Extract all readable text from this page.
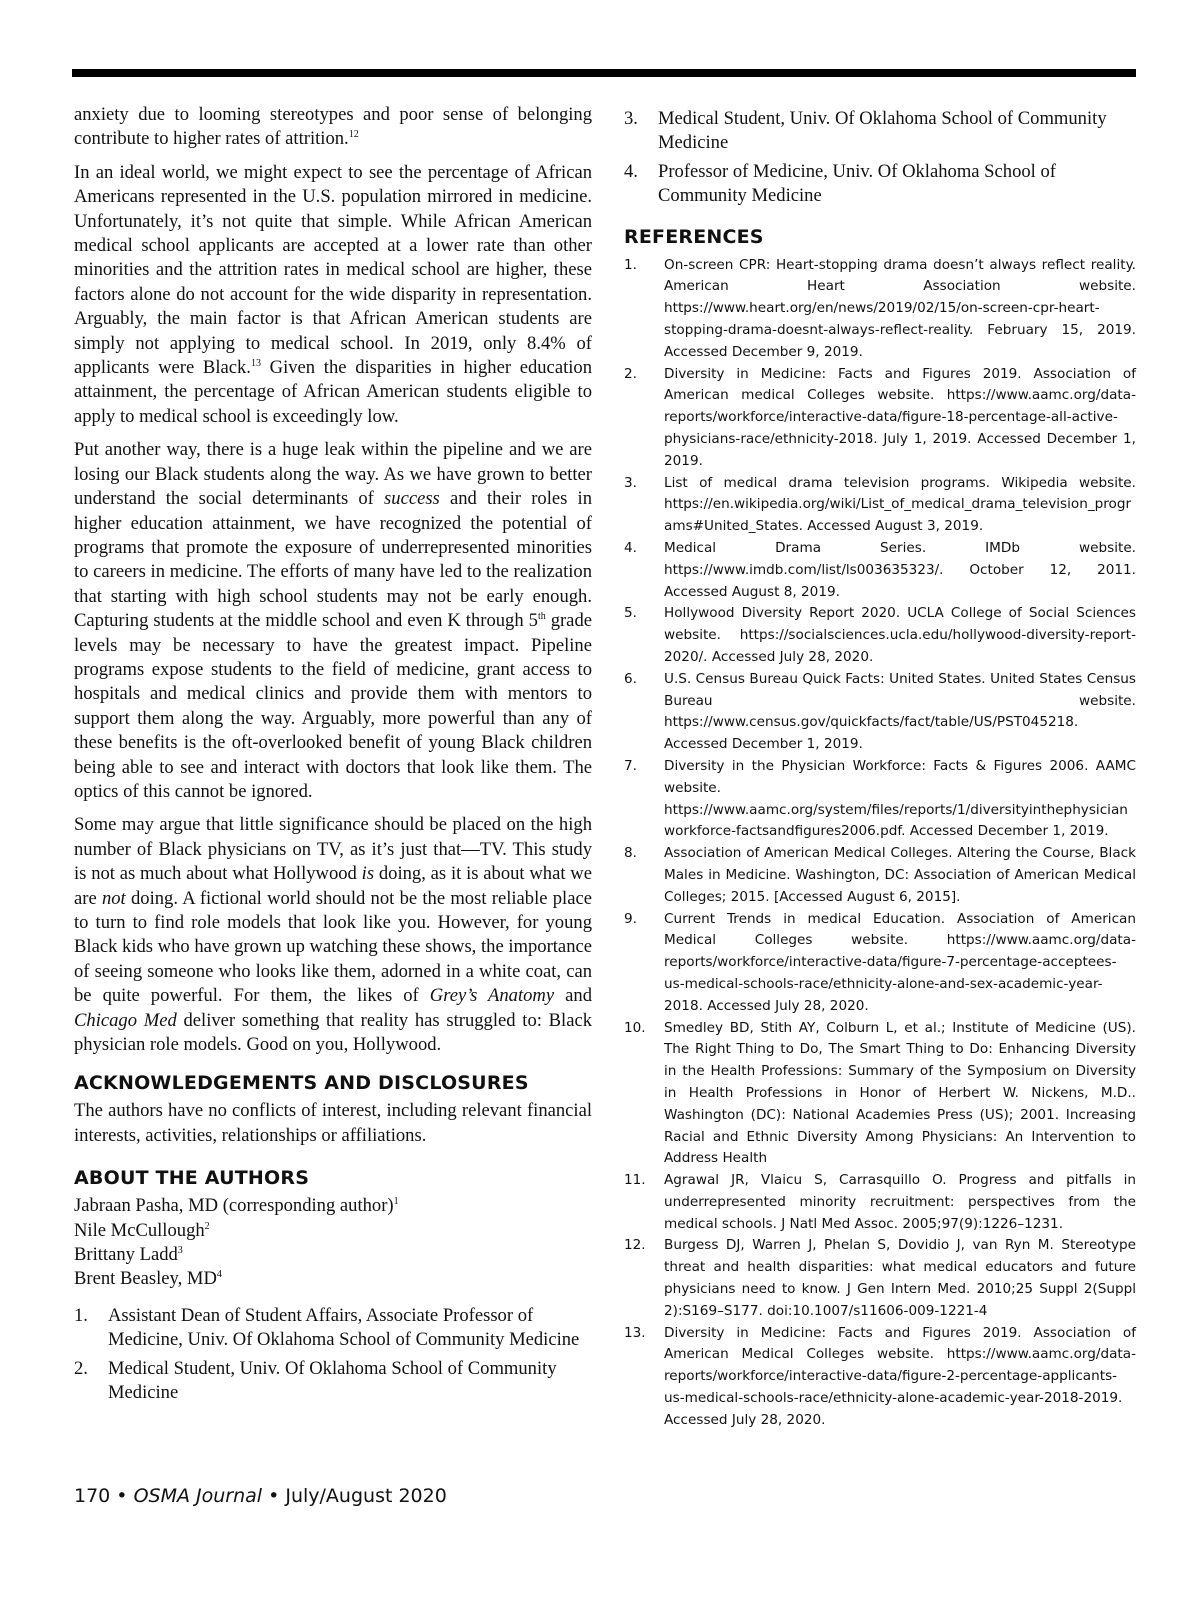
anxiety due to looming stereotypes and poor sense of belonging contribute to higher rates of attrition.$^{12}$

In an ideal world, we might expect to see the percentage of African Americans represented in the U.S. population mirrored in medicine. Unfortunately, it’s not quite that simple. While African American medical school applicants are accepted at a lower rate than other minorities and the attrition rates in medical school are higher, these factors alone do not account for the wide disparity in representation. Arguably, the main factor is that African American students are simply not applying to medical school. In 2019, only 8.4% of applicants were Black.$^{13}$ Given the disparities in higher education attainment, the percentage of African American students eligible to apply to medical school is exceedingly low.

Put another way, there is a huge leak within the pipeline and we are losing our Black students along the way. As we have grown to better understand the social determinants of success and their roles in higher education attainment, we have recognized the potential of programs that promote the exposure of underrepresented minorities to careers in medicine. The efforts of many have led to the realization that starting with high school students may not be early enough. Capturing students at the middle school and even K through 5th grade levels may be necessary to have the greatest impact. Pipeline programs expose students to the field of medicine, grant access to hospitals and medical clinics and provide them with mentors to support them along the way. Arguably, more powerful than any of these benefits is the oft-overlooked benefit of young Black children being able to see and interact with doctors that look like them. The optics of this cannot be ignored.

Some may argue that little significance should be placed on the high number of Black physicians on TV, as it’s just that—TV. This study is not as much about what Hollywood is doing, as it is about what we are not doing. A fictional world should not be the most reliable place to turn to find role models that look like you. However, for young Black kids who have grown up watching these shows, the importance of seeing someone who looks like them, adorned in a white coat, can be quite powerful. For them, the likes of Grey’s Anatomy and Chicago Med deliver something that reality has struggled to: Black physician role models. Good on you, Hollywood.

ACKNOWLEDGEMENTS AND DISCLOSURES

The authors have no conflicts of interest, including relevant financial interests, activities, relationships or affiliations.

ABOUT THE AUTHORS
Jabraan Pasha, MD (corresponding author)$^1$
Nile McCullough$^2$
Brittany Ladd$^3$
Brent Beasley, $MD^4$
1.	Assistant Dean of Student Affairs, Associate Professor of Medicine, Univ. Of Oklahoma School of Community Medicine
2.	Medical Student, Univ. Of Oklahoma School of Community Medicine
3.	Medical Student, Univ. Of Oklahoma School of Community Medicine
4.	Professor of Medicine, Univ. Of Oklahoma School of Community Medicine
REFERENCES
1.	On-screen CPR: Heart-stopping drama doesn’t always reflect reality. American Heart Association website. https://www.heart.org/en/news/2019/02/15/on-screen-cpr-heart-stopping-drama-doesnt-always-reflect-reality. February 15, 2019. Accessed December 9, 2019.
2.	Diversity in Medicine: Facts and Figures 2019. Association of American medical Colleges website. https://www.aamc.org/data-reports/workforce/interactive-data/figure-18-percentage-all-active-physicians-race/ethnicity-2018. July 1, 2019. Accessed December 1, 2019.
3.	List of medical drama television programs. Wikipedia website. https://en.wikipedia.org/wiki/List_of_medical_drama_television_programs#United_States. Accessed August 3, 2019.
4.	Medical Drama Series. IMDb website. https://www.imdb.com/list/ls003635323/. October 12, 2011. Accessed August 8, 2019.
5.	Hollywood Diversity Report 2020. UCLA College of Social Sciences website. https://socialsciences.ucla.edu/hollywood-diversity-report-2020/. Accessed July 28, 2020.
6.	U.S. Census Bureau Quick Facts: United States. United States Census Bureau website. https://www.census.gov/quickfacts/fact/table/US/PST045218. Accessed December 1, 2019.
7.	Diversity in the Physician Workforce: Facts & Figures 2006. AAMC website. https://www.aamc.org/system/files/reports/1/diversityinthephysicianworkforce-factsandfigures2006.pdf. Accessed December 1, 2019.
8.	Association of American Medical Colleges. Altering the Course, Black Males in Medicine. Washington, DC: Association of American Medical Colleges; 2015. [Accessed August 6, 2015].
9.	Current Trends in medical Education. Association of American Medical Colleges website. https://www.aamc.org/data-reports/workforce/interactive-data/figure-7-percentage-acceptees-us-medical-schools-race/ethnicity-alone-and-sex-academic-year-2018. Accessed July 28, 2020.
10.	Smedley BD, Stith AY, Colburn L, et al.; Institute of Medicine (US). The Right Thing to Do, The Smart Thing to Do: Enhancing Diversity in the Health Professions: Summary of the Symposium on Diversity in Health Professions in Honor of Herbert W. Nickens, M.D.. Washington (DC): National Academies Press (US); 2001. Increasing Racial and Ethnic Diversity Among Physicians: An Intervention to Address Health
11.	Agrawal JR, Vlaicu S, Carrasquillo O. Progress and pitfalls in underrepresented minority recruitment: perspectives from the medical schools. J Natl Med Assoc. 2005;97(9):1226–1231.
12.	Burgess DJ, Warren J, Phelan S, Dovidio J, van Ryn M. Stereotype threat and health disparities: what medical educators and future physicians need to know. J Gen Intern Med. 2010;25 Suppl 2(Suppl 2):S169–S177. doi:10.1007/s11606-009-1221-4
13.	Diversity in Medicine: Facts and Figures 2019. Association of American Medical Colleges website. https://www.aamc.org/data-reports/workforce/interactive-data/figure-2-percentage-applicants-us-medical-schools-race/ethnicity-alone-academic-year-2018-2019. Accessed July 28, 2020.
170 • OSMA Journal • July/August 2020
